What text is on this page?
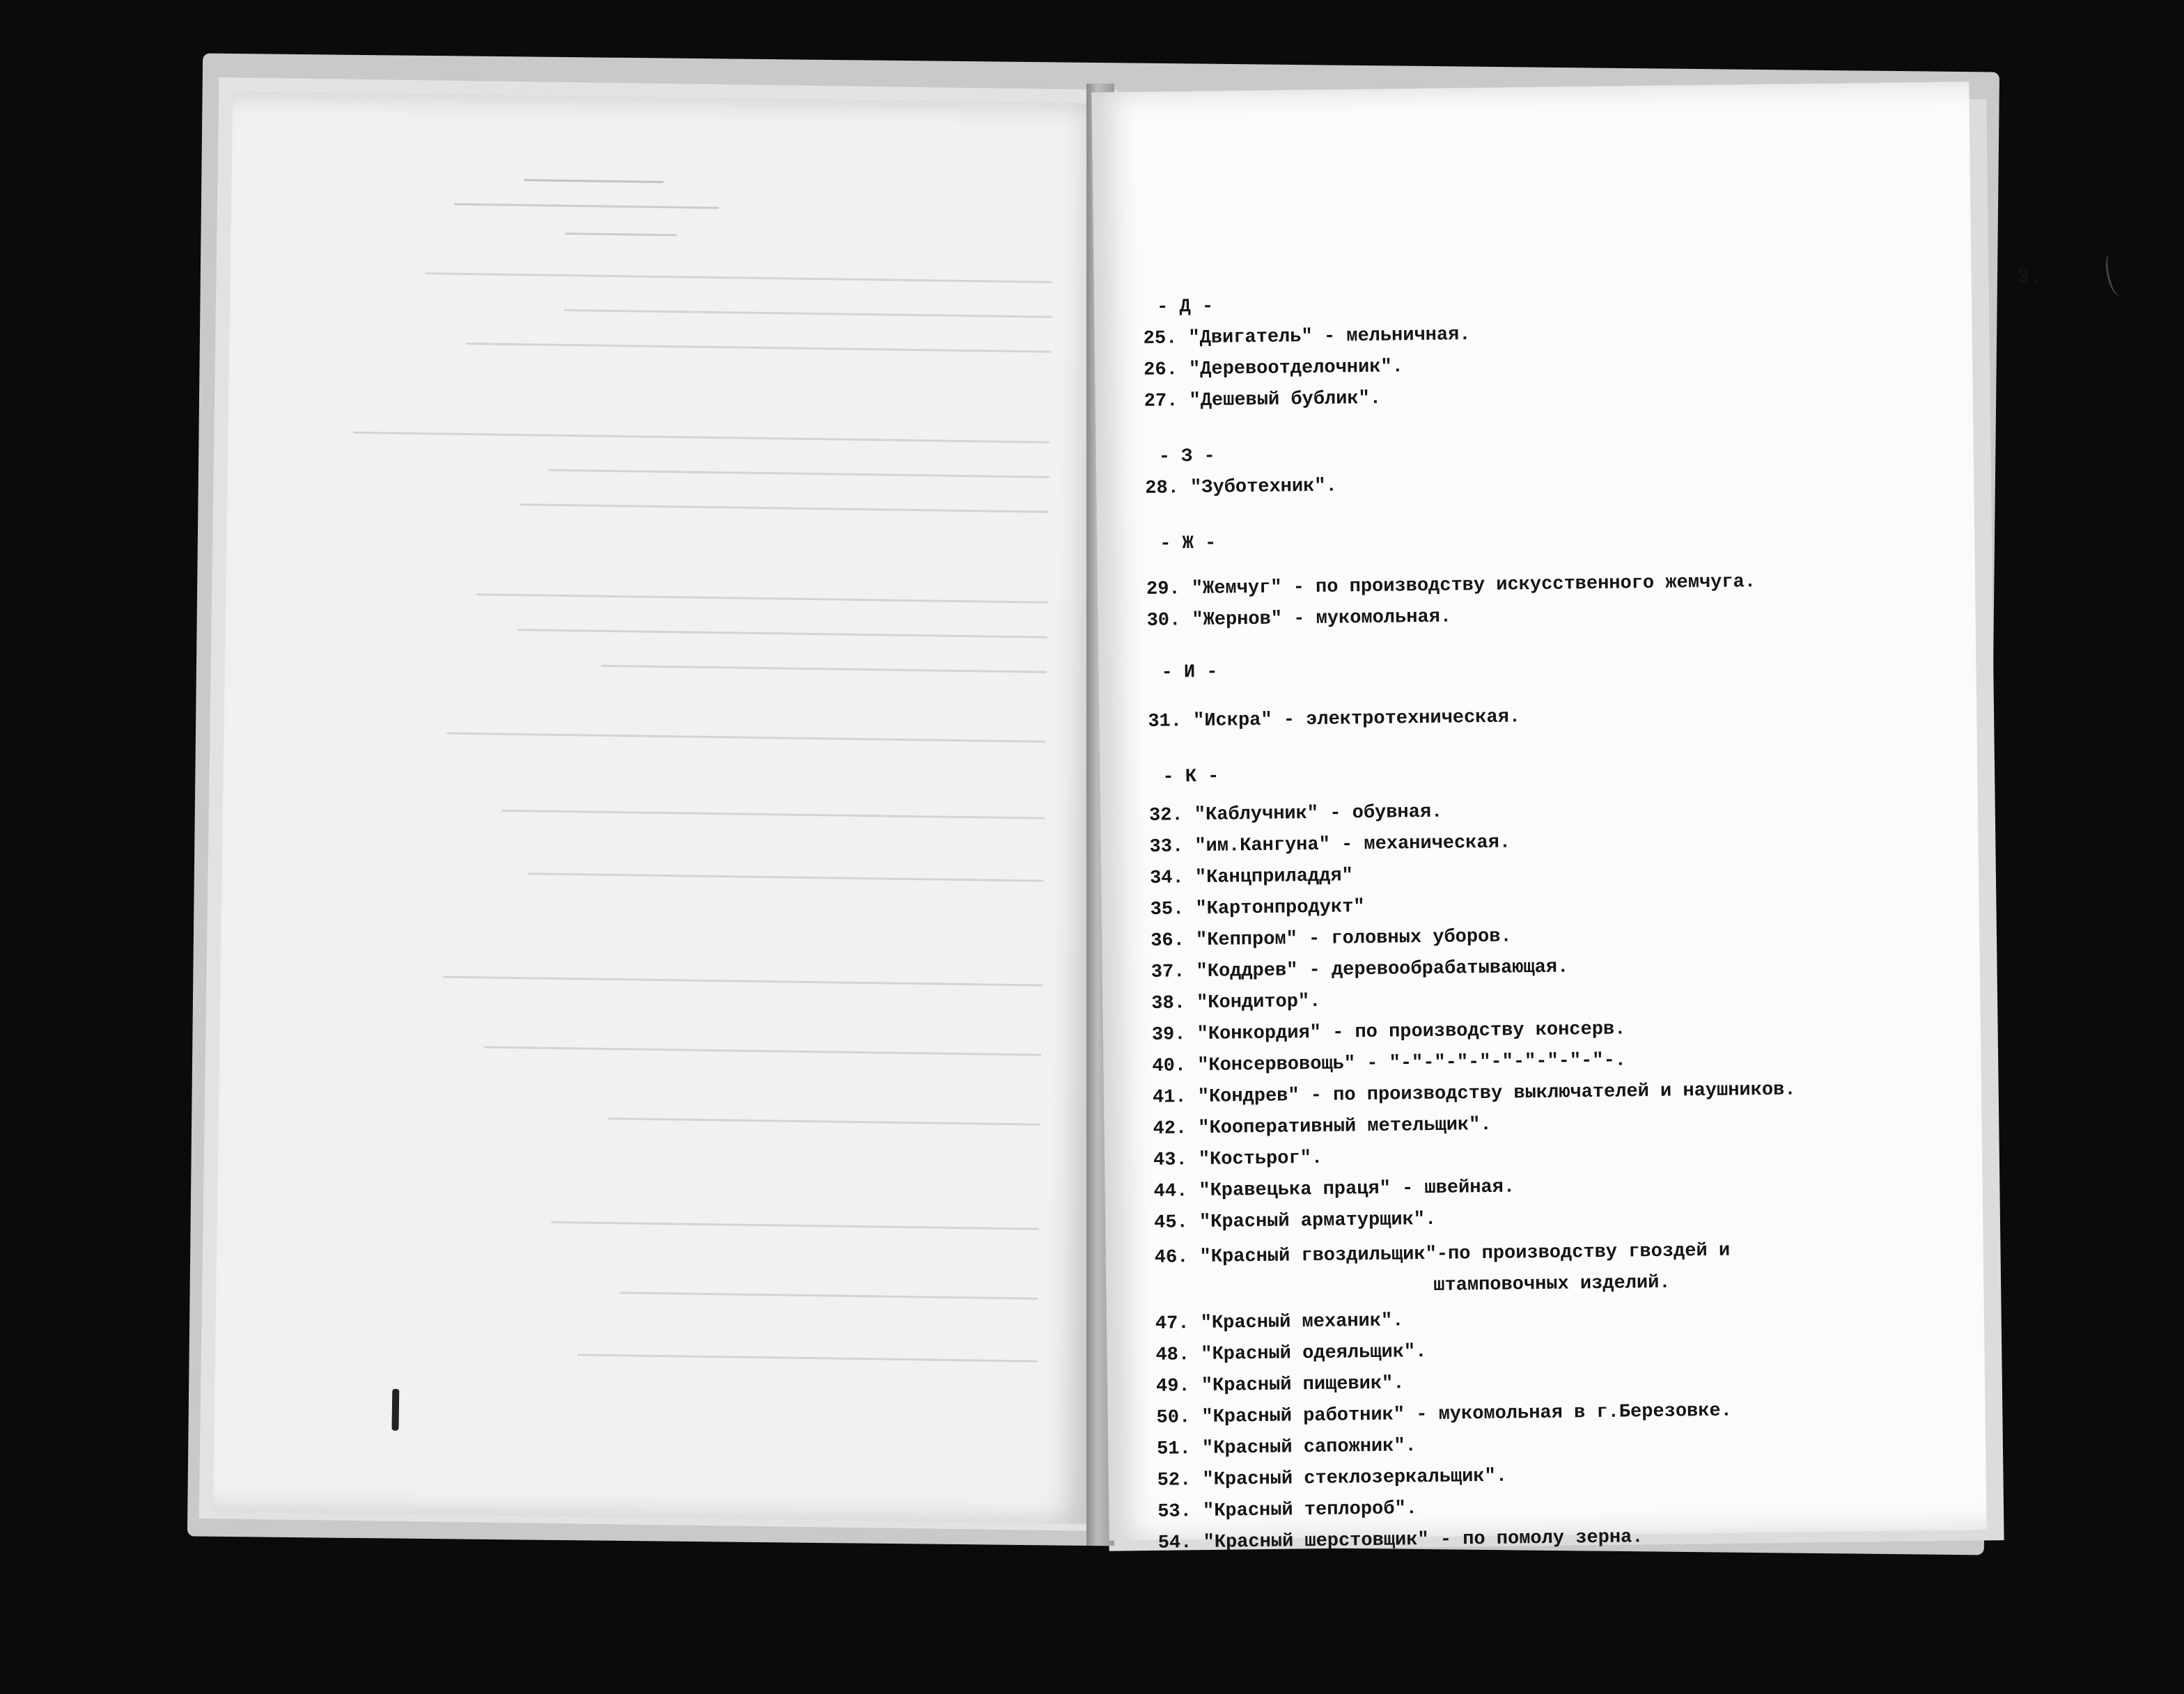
3.
- Д -
25. "Двигатель" - мельничная.
26. "Деревоотделочник".
27. "Дешевый бублик".
- З -
28. "Зуботехник".
- Ж -
29. "Жемчуг" - по производству искусственного жемчуга.
30. "Жернов" - мукомольная.
- И -
31. "Искра" - электротехническая.
- К -
32. "Каблучник" - обувная.
33. "им.Кангуна" - механическая.
34. "Канцприладдя"
35. "Картонпродукт"
36. "Кеппром" - головных уборов.
37. "Коддрев" - деревообрабатывающая.
38. "Кондитор".
39. "Конкордия" - по производству консерв.
40. "Консервовощь" - "-"-"-"-"-"-"-"-"-"-.
41. "Кондрев" - по производству выключателей и наушников.
42. "Кооперативный метельщик".
43. "Костьрог".
44. "Кравецька праця" - швейная.
45. "Красный арматурщик".
46. "Красный гвоздильщик"-по производству гвоздей и
штамповочных изделий.
47. "Красный механик".
48. "Красный одеяльщик".
49. "Красный пищевик".
50. "Красный работник" - мукомольная в г.Березовке.
51. "Красный сапожник".
52. "Красный стеклозеркальщик".
53. "Красный теплороб".
54. "Красный шерстовщик" - по помолу зерна.
